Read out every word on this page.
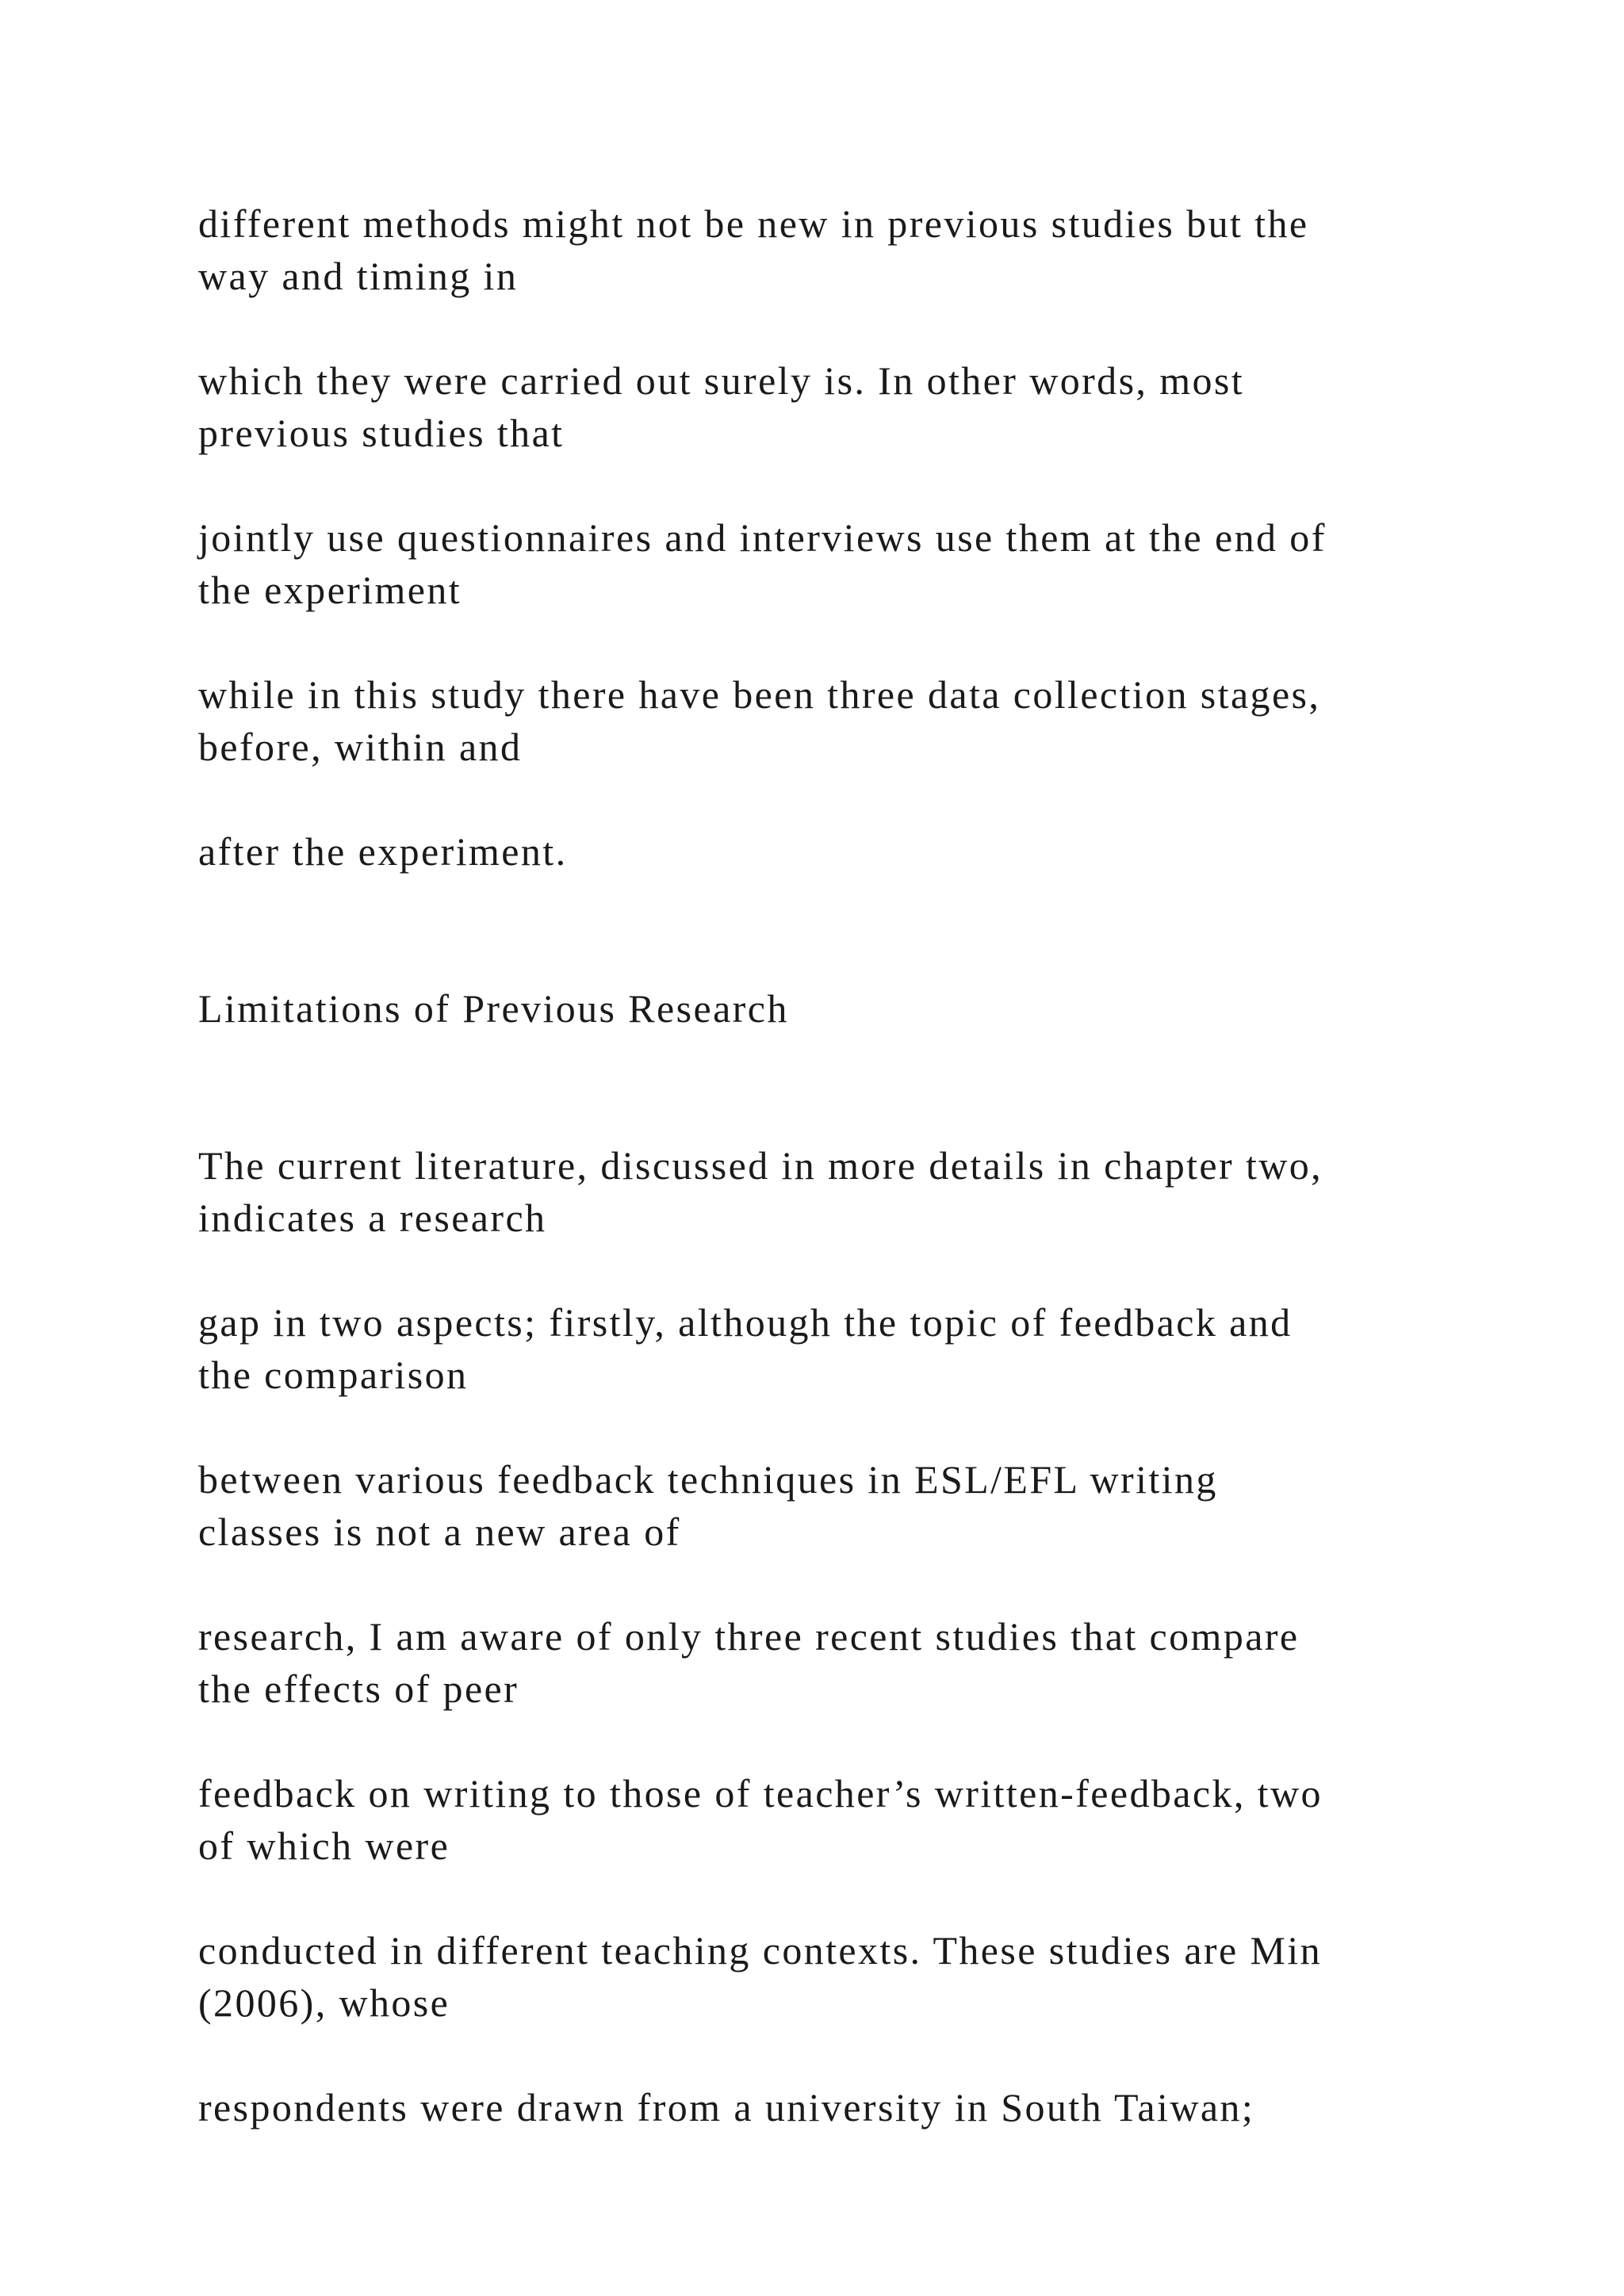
different methods might not be new in previous studies but the

way and timing in

which they were carried out surely is. In other words, most

previous studies that

jointly use questionnaires and interviews use them at the end of

the experiment

while in this study there have been three data collection stages,

before, within and

after the experiment.

Limitations of Previous Research

The current literature, discussed in more details in chapter two,

indicates a research

gap in two aspects; firstly, although the topic of feedback and

the comparison

between various feedback techniques in ESL/EFL writing

classes is not a new area of

research, I am aware of only three recent studies that compare

the effects of peer

feedback on writing to those of teacher’s written-feedback, two

of which were

conducted in different teaching contexts. These studies are Min

(2006), whose

respondents were drawn from a university in South Taiwan;
